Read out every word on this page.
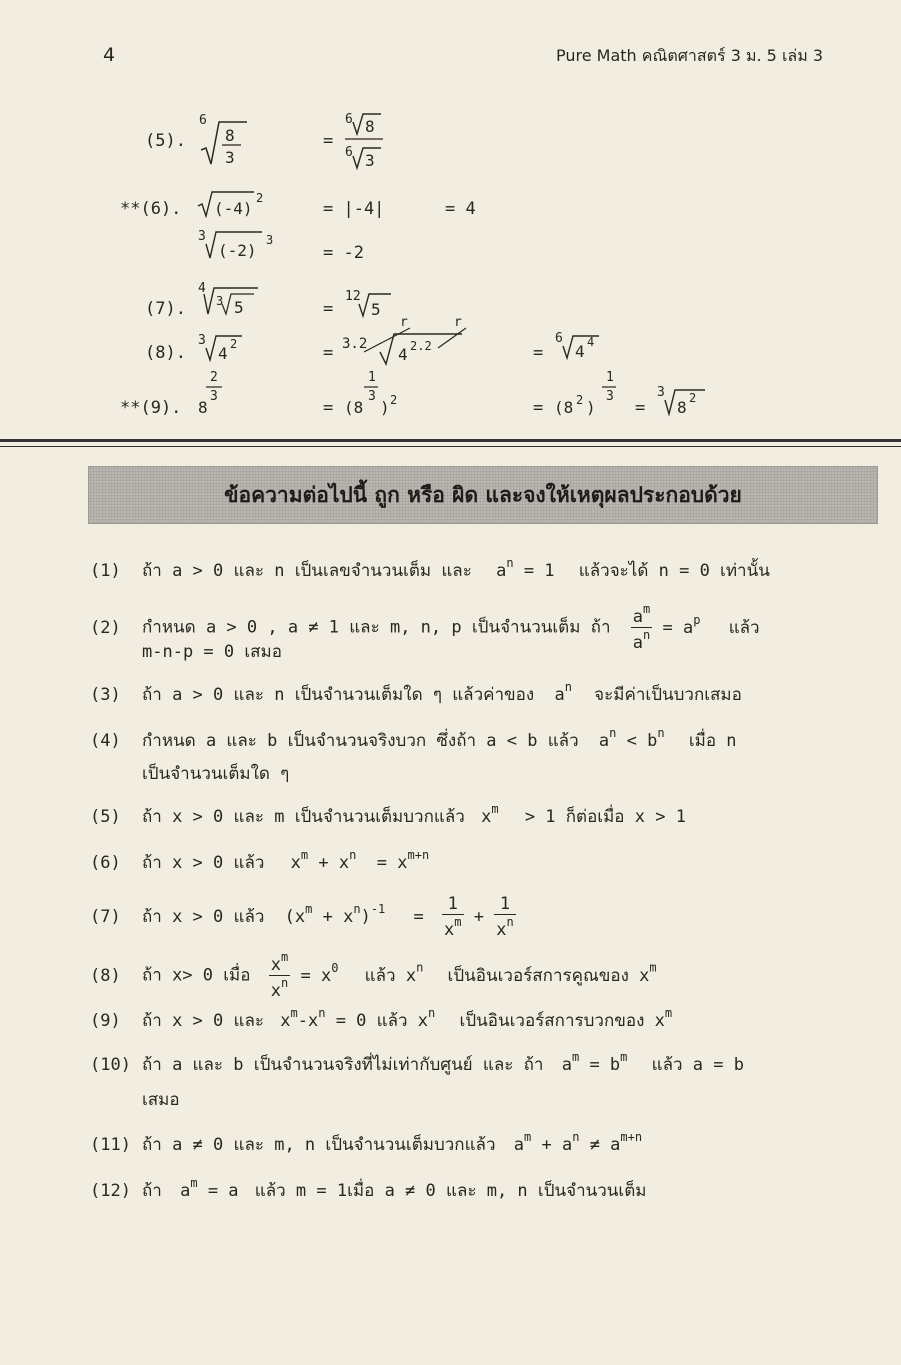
4	Pure Math คณิตศาสตร์ 3 ม. 5 เล่ม 3
(5).
6
8
3
=
6 8
6 3
**(6). (-4)
2
= |-4|	= 4
3
(-2)
3
= -2
(7).
4
3 5	=
12
5
(8).
3
4 2	= 3.2
r	r
4 2.2	=
6
4 4
**(9).
2
3
8	=
1
3
(8 ) 2	=
1
3
(8 2 ) =
3
8 2
ข้อความต่อไปนี้ ถูก หรือ ผิด และจงให้เหตุผลประกอบด้วย
(1) ถ้า a > 0 และ n เป็นเลขจำนวนเต็ม และ $a^n = 1$ แล้วจะได้ n = 0 เท่านั้น
(2) กำหนด a > 0 , a ≠ 1 และ m, n, p เป็นจำนวนเต็ม ถ้า $\frac{a^m}{a^n} = a^p$ แล้ว
m-n-p = 0 เสมอ
(3) ถ้า a > 0 และ n เป็นจำนวนเต็มใด ๆ แล้วค่าของ $a^n$ จะมีค่าเป็นบวกเสมอ
(4) กำหนด a และ b เป็นจำนวนจริงบวก ซึ่งถ้า a < b แล้ว $a^n < b^n$ เมื่อ n
เป็นจำนวนเต็มใด ๆ
(5) ถ้า x > 0 และ m เป็นจำนวนเต็มบวกแล้ว $x^m > 1$ ก็ต่อเมื่อ x > 1
(6) ถ้า x > 0 แล้ว $x^m + x^n = x^{m+n}$
(7) ถ้า x > 0 แล้ว $(x^m + x^n)^{-1} = \frac{1}{x^m} + \frac{1}{x^n}$
(8) ถ้า x> 0 เมื่อ $\frac{x^m}{x^n} = x^0$ แล้ว $x^n$ เป็นอินเวอร์สการคูณของ $x^m$
(9) ถ้า x > 0 และ $x^m-x^n = 0$ แล้ว $x^n$ เป็นอินเวอร์สการบวกของ $x^m$
(10) ถ้า a และ b เป็นจำนวนจริงที่ไม่เท่ากับศูนย์ และ ถ้า $a^m = b^m$ แล้ว a = b
เสมอ
(11) ถ้า a ≠ 0 และ m, n เป็นจำนวนเต็มบวกแล้ว $a^m + a^n \ne a^{m+n}$
(12) ถ้า $a^m = a$ แล้ว m = 1เมื่อ a ≠ 0 และ m, n เป็นจำนวนเต็ม
